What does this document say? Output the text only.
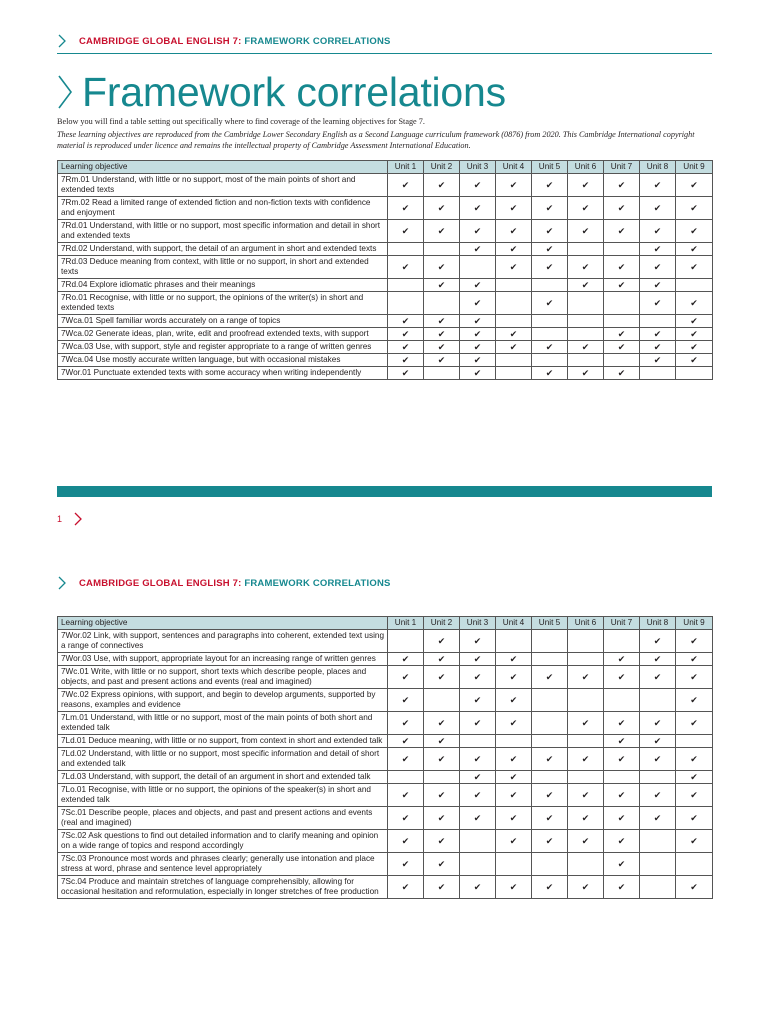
CAMBRIDGE GLOBAL ENGLISH 7: FRAMEWORK CORRELATIONS
Framework correlations

Below you will find a table setting out specifically where to find coverage of the learning objectives for Stage 7.

These learning objectives are reproduced from the Cambridge Lower Secondary English as a Second Language curriculum framework (0876) from 2020. This Cambridge International copyright material is reproduced under licence and remains the intellectual property of Cambridge Assessment International Education.

Learning objective	Unit 1	Unit 2	Unit 3	Unit 4	Unit 5	Unit 6	Unit 7	Unit 8	Unit 9
7Rm.01 Understand, with little or no support, most of the main points of short and extended texts	✔	✔	✔	✔	✔	✔	✔	✔	✔
7Rm.02 Read a limited range of extended fiction and non-fiction texts with confidence and enjoyment	✔	✔	✔	✔	✔	✔	✔	✔	✔
7Rd.01 Understand, with little or no support, most specific information and detail in short and extended texts	✔	✔	✔	✔	✔	✔	✔	✔	✔
7Rd.02 Understand, with support, the detail of an argument in short and extended texts			✔	✔	✔			✔	✔
7Rd.03 Deduce meaning from context, with little or no support, in short and extended texts	✔	✔		✔	✔	✔	✔	✔	✔
7Rd.04 Explore idiomatic phrases and their meanings		✔	✔			✔	✔	✔	
7Ro.01 Recognise, with little or no support, the opinions of the writer(s) in short and extended texts			✔		✔			✔	✔
7Wca.01 Spell familiar words accurately on a range of topics	✔	✔	✔						✔
7Wca.02 Generate ideas, plan, write, edit and proofread extended texts, with support	✔	✔	✔	✔			✔	✔	✔
7Wca.03 Use, with support, style and register appropriate to a range of written genres	✔	✔	✔	✔	✔	✔	✔	✔	✔
7Wca.04 Use mostly accurate written language, but with occasional mistakes	✔	✔	✔					✔	✔
7Wor.01 Punctuate extended texts with some accuracy when writing independently	✔		✔		✔	✔	✔		
1
CAMBRIDGE GLOBAL ENGLISH 7: FRAMEWORK CORRELATIONS
Learning objective	Unit 1	Unit 2	Unit 3	Unit 4	Unit 5	Unit 6	Unit 7	Unit 8	Unit 9
7Wor.02 Link, with support, sentences and paragraphs into coherent, extended text using a range of connectives		✔	✔					✔	✔
7Wor.03 Use, with support, appropriate layout for an increasing range of written genres	✔	✔	✔	✔			✔	✔	✔
7Wc.01 Write, with little or no support, short texts which describe people, places and objects, and past and present actions and events (real and imagined)	✔	✔	✔	✔	✔	✔	✔	✔	✔
7Wc.02 Express opinions, with support, and begin to develop arguments, supported by reasons, examples and evidence	✔		✔	✔					✔
7Lm.01 Understand, with little or no support, most of the main points of both short and extended talk	✔	✔	✔	✔		✔	✔	✔	✔
7Ld.01 Deduce meaning, with little or no support, from context in short and extended talk	✔	✔					✔	✔	
7Ld.02 Understand, with little or no support, most specific information and detail of short and extended talk	✔	✔	✔	✔	✔	✔	✔	✔	✔
7Ld.03 Understand, with support, the detail of an argument in short and extended talk			✔	✔					✔
7Lo.01 Recognise, with little or no support, the opinions of the speaker(s) in short and extended talk	✔	✔	✔	✔	✔	✔	✔	✔	✔
7Sc.01 Describe people, places and objects, and past and present actions and events (real and imagined)	✔	✔	✔	✔	✔	✔	✔	✔	✔
7Sc.02 Ask questions to find out detailed information and to clarify meaning and opinion on a wide range of topics and respond accordingly	✔	✔		✔	✔	✔	✔		✔
7Sc.03 Pronounce most words and phrases clearly; generally use intonation and place stress at word, phrase and sentence level appropriately	✔	✔					✔		
7Sc.04 Produce and maintain stretches of language comprehensibly, allowing for occasional hesitation and reformulation, especially in longer stretches of free production	✔	✔	✔	✔	✔	✔	✔		✔
